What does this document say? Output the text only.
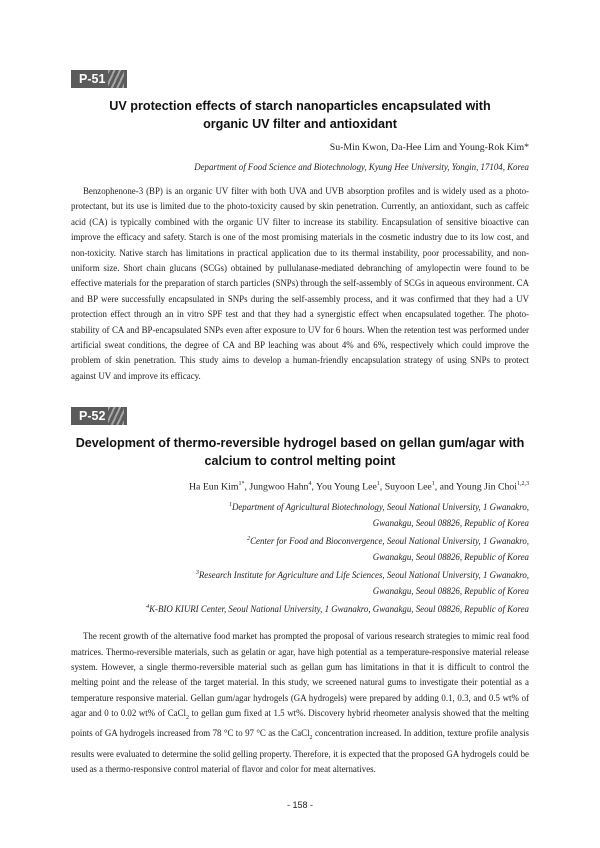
P-51
UV protection effects of starch nanoparticles encapsulated with
organic UV filter and antioxidant
Su-Min Kwon, Da-Hee Lim and Young-Rok Kim*
Department of Food Science and Biotechnology, Kyung Hee University, Yongin, 17104, Korea

Benzophenone-3 (BP) is an organic UV filter with both UVA and UVB absorption profiles and is widely used as a photo-protectant, but its use is limited due to the photo-toxicity caused by skin penetration. Currently, an antioxidant, such as caffeic acid (CA) is typically combined with the organic UV filter to increase its stability. Encapsulation of sensitive bioactive can improve the efficacy and safety. Starch is one of the most promising materials in the cosmetic industry due to its low cost, and non-toxicity. Native starch has limitations in practical application due to its thermal instability, poor processability, and non-uniform size. Short chain glucans (SCGs) obtained by pullulanase-mediated debranching of amylopectin were found to be effective materials for the preparation of starch particles (SNPs) through the self-assembly of SCGs in aqueous environment. CA and BP were successfully encapsulated in SNPs during the self-assembly process, and it was confirmed that they had a UV protection effect through an in vitro SPF test and that they had a synergistic effect when encapsulated together. The photo-stability of CA and BP-encapsulated SNPs even after exposure to UV for 6 hours. When the retention test was performed under artificial sweat conditions, the degree of CA and BP leaching was about 4% and 6%, respectively which could improve the problem of skin penetration. This study aims to develop a human-friendly encapsulation strategy of using SNPs to protect against UV and improve its efficacy.

P-52
Development of thermo-reversible hydrogel based on gellan gum/agar with
calcium to control melting point
Ha Eun Kim$^{1*}$, Jungwoo Hahn$^4$, You Young Lee$^1$, Suyoon Lee$^1$, and Young Jin Choi$^{1,2,3}$
$^1$Department of Agricultural Biotechnology, Seoul National University, 1 Gwanakro,
Gwanakgu, Seoul 08826, Republic of Korea
$^2$Center for Food and Bioconvergence, Seoul National University, 1 Gwanakro,
Gwanakgu, Seoul 08826, Republic of Korea
$^3$Research Institute for Agriculture and Life Sciences, Seoul National University, 1 Gwanakro,
Gwanakgu, Seoul 08826, Republic of Korea
$^4$K-BIO KIURI Center, Seoul National University, 1 Gwanakro, Gwanakgu, Seoul 08826, Republic of Korea

The recent growth of the alternative food market has prompted the proposal of various research strategies to mimic real food matrices. Thermo-reversible materials, such as gelatin or agar, have high potential as a temperature-responsive material release system. However, a single thermo-reversible material such as gellan gum has limitations in that it is difficult to control the melting point and the release of the target material. In this study, we screened natural gums to investigate their potential as a temperature responsive material. Gellan gum/agar hydrogels (GA hydrogels) were prepared by adding 0.1, 0.3, and 0.5 wt% of agar and 0 to 0.02 wt% of CaCl$_2$ to gellan gum fixed at 1.5 wt%. Discovery hybrid rheometer analysis showed that the melting points of GA hydrogels increased from 78 °C to 97 °C as the CaCl$_2$ concentration increased. In addition, texture profile analysis results were evaluated to determine the solid gelling property. Therefore, it is expected that the proposed GA hydrogels could be used as a thermo-responsive control material of flavor and color for meat alternatives.

- 158 -
